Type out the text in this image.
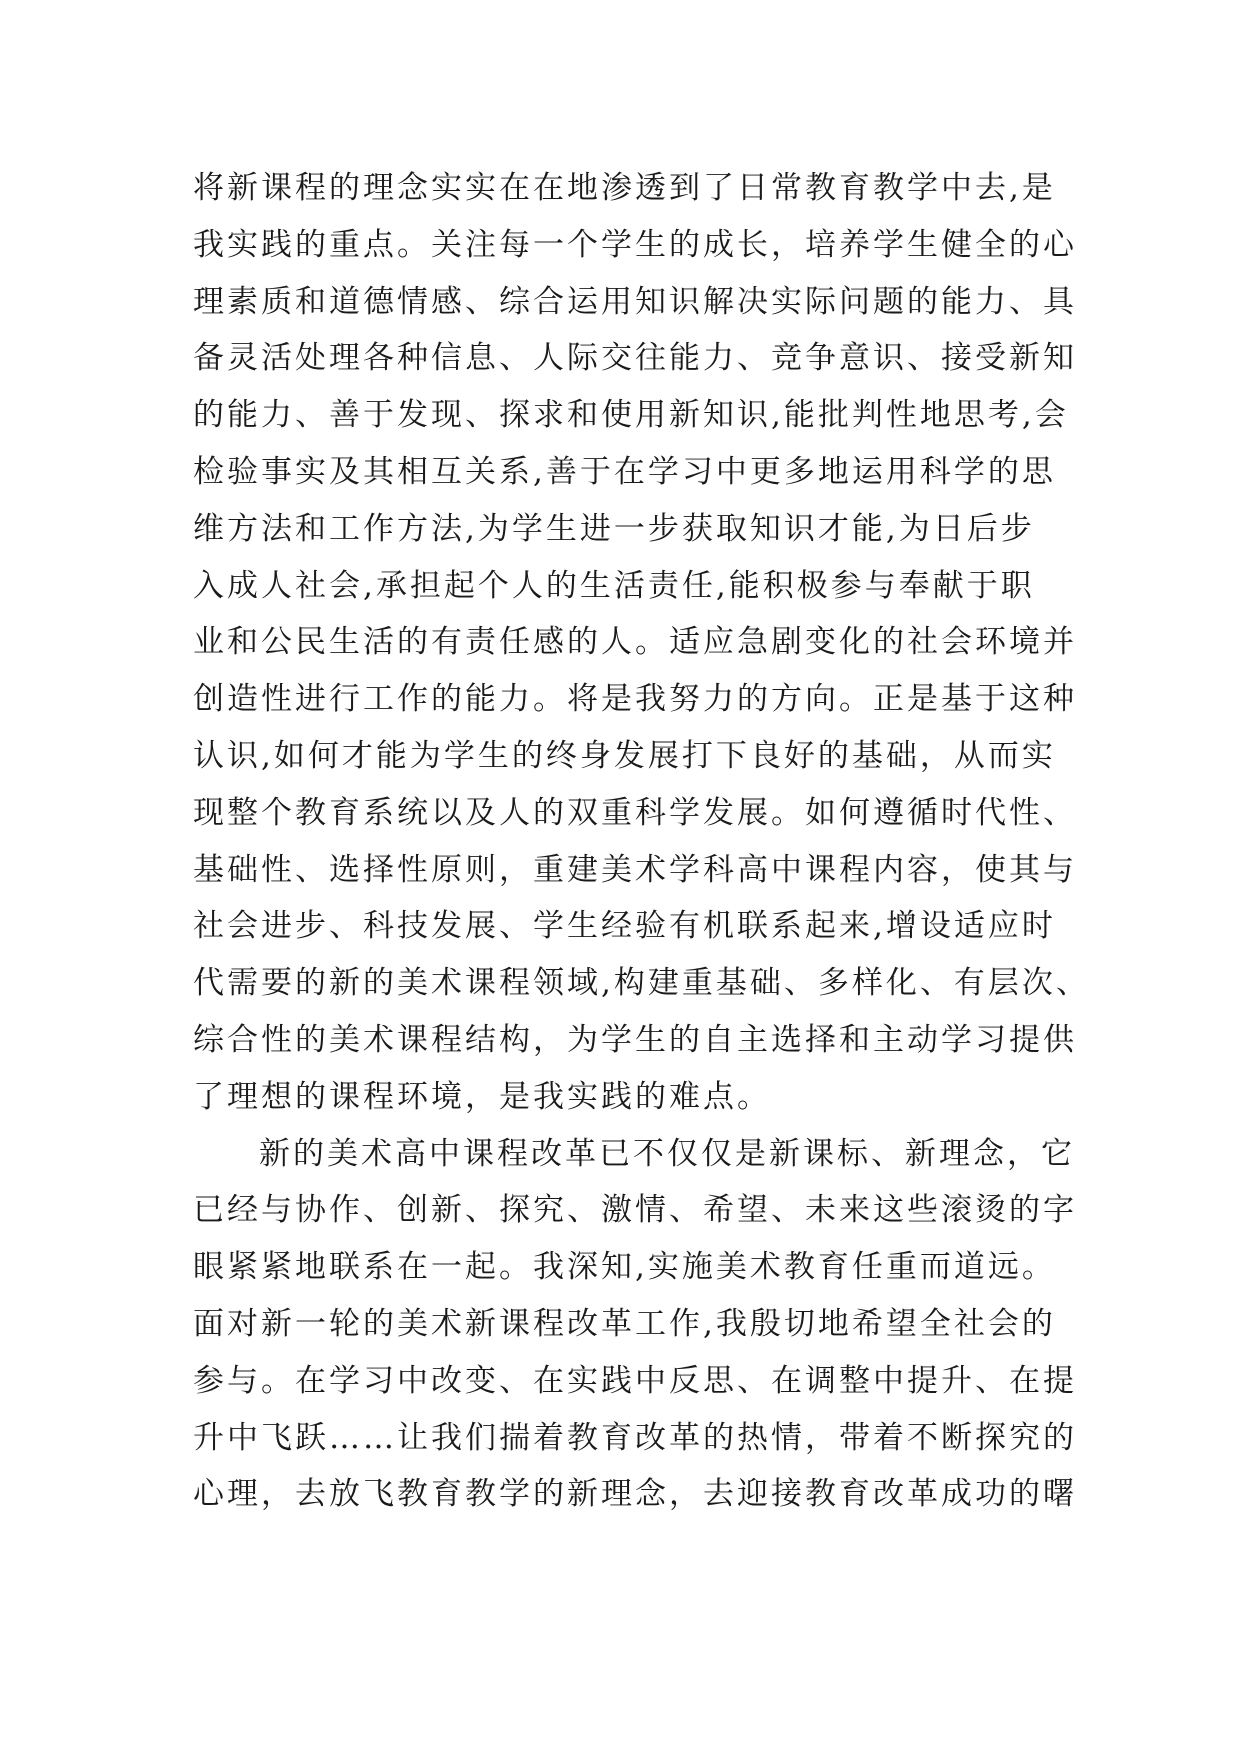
将新课程的理念实实在在地渗透到了日常教育教学中去,是
我实践的重点。关注每一个学生的成长，培养学生健全的心
理素质和道德情感、综合运用知识解决实际问题的能力、具
备灵活处理各种信息、人际交往能力、竞争意识、接受新知
的能力、善于发现、探求和使用新知识,能批判性地思考,会
检验事实及其相互关系,善于在学习中更多地运用科学的思
维方法和工作方法,为学生进一步获取知识才能,为日后步
入成人社会,承担起个人的生活责任,能积极参与奉献于职
业和公民生活的有责任感的人。适应急剧变化的社会环境并
创造性进行工作的能力。将是我努力的方向。正是基于这种
认识,如何才能为学生的终身发展打下良好的基础，从而实
现整个教育系统以及人的双重科学发展。如何遵循时代性、
基础性、选择性原则，重建美术学科高中课程内容，使其与
社会进步、科技发展、学生经验有机联系起来,增设适应时
代需要的新的美术课程领域,构建重基础、多样化、有层次、
综合性的美术课程结构，为学生的自主选择和主动学习提供
了理想的课程环境，是我实践的难点。
新的美术高中课程改革已不仅仅是新课标、新理念，它
已经与协作、创新、探究、激情、希望、未来这些滚烫的字
眼紧紧地联系在一起。我深知,实施美术教育任重而道远。
面对新一轮的美术新课程改革工作,我殷切地希望全社会的
参与。在学习中改变、在实践中反思、在调整中提升、在提
升中飞跃……让我们揣着教育改革的热情，带着不断探究的
心理，去放飞教育教学的新理念，去迎接教育改革成功的曙
